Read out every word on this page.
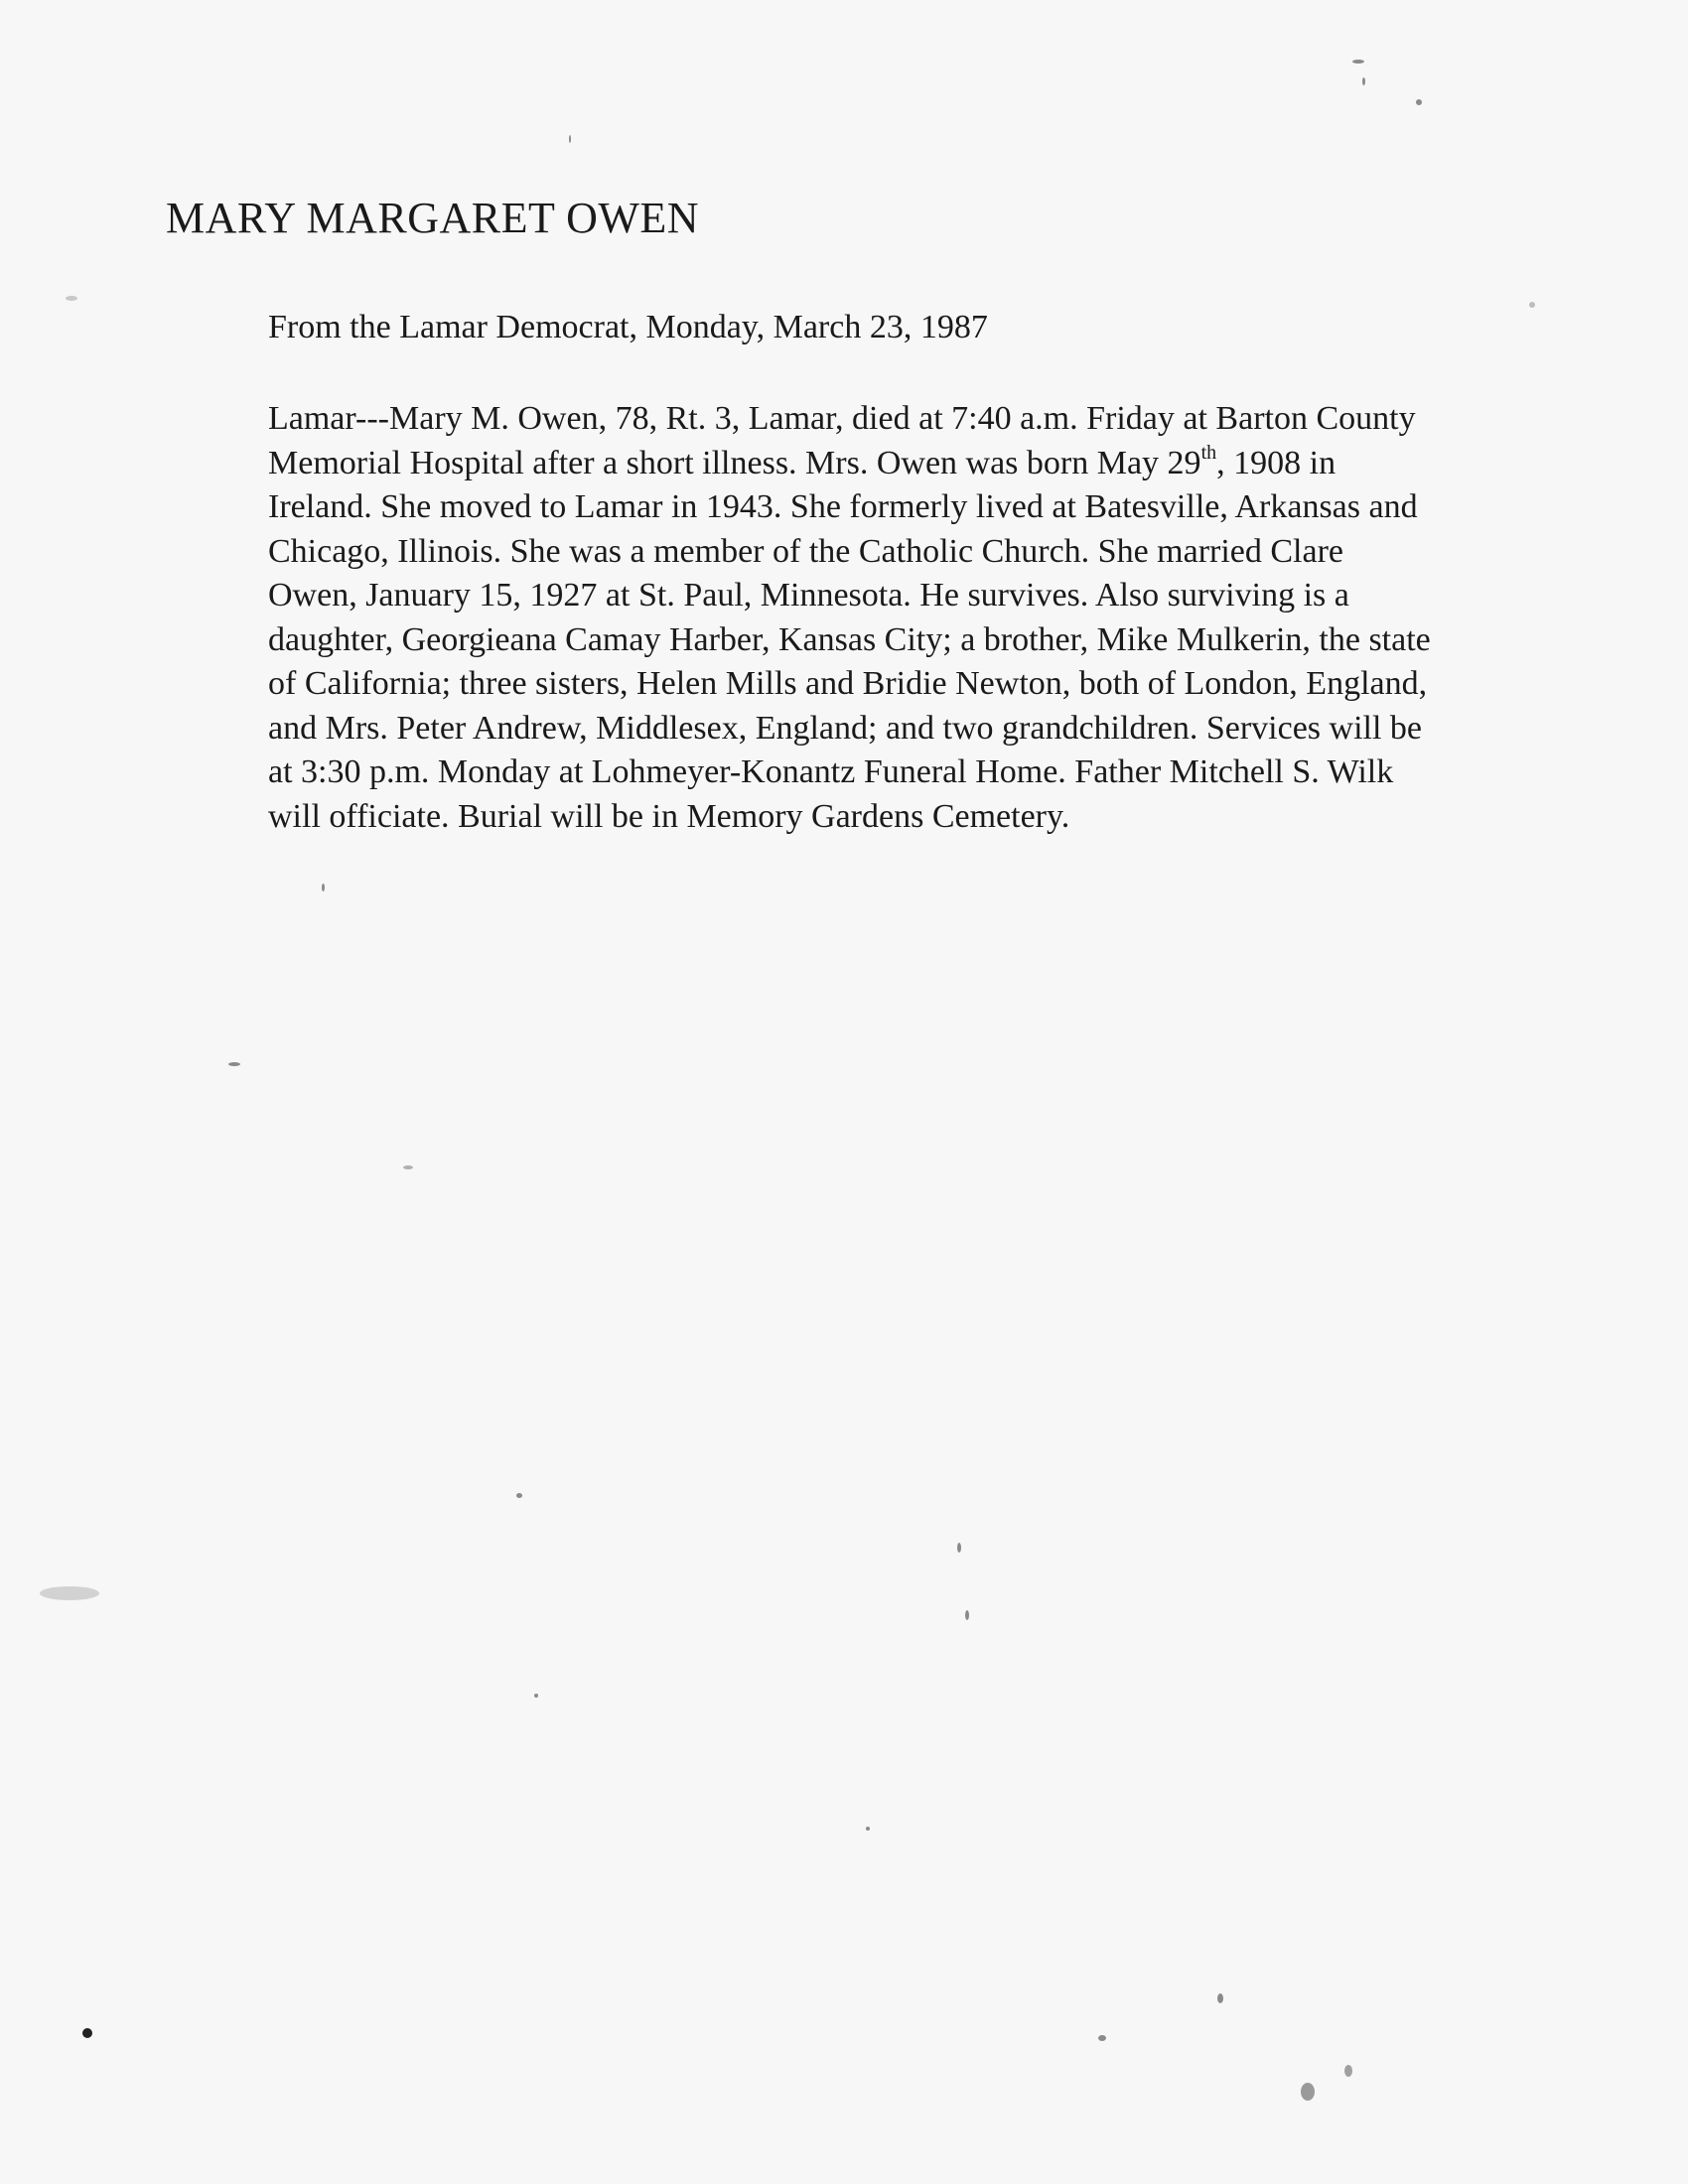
MARY MARGARET OWEN
From the Lamar Democrat, Monday, March 23, 1987
Lamar---Mary M. Owen, 78, Rt. 3, Lamar, died at 7:40 a.m. Friday at Barton County
Memorial Hospital after a short illness. Mrs. Owen was born May 29th, 1908 in
Ireland. She moved to Lamar in 1943. She formerly lived at Batesville, Arkansas and
Chicago, Illinois. She was a member of the Catholic Church. She married Clare
Owen, January 15, 1927 at St. Paul, Minnesota. He survives. Also surviving is a
daughter, Georgieana Camay Harber, Kansas City; a brother, Mike Mulkerin, the state
of California; three sisters, Helen Mills and Bridie Newton, both of London, England,
and Mrs. Peter Andrew, Middlesex, England; and two grandchildren. Services will be
at 3:30 p.m. Monday at Lohmeyer-Konantz Funeral Home. Father Mitchell S. Wilk
will officiate. Burial will be in Memory Gardens Cemetery.
